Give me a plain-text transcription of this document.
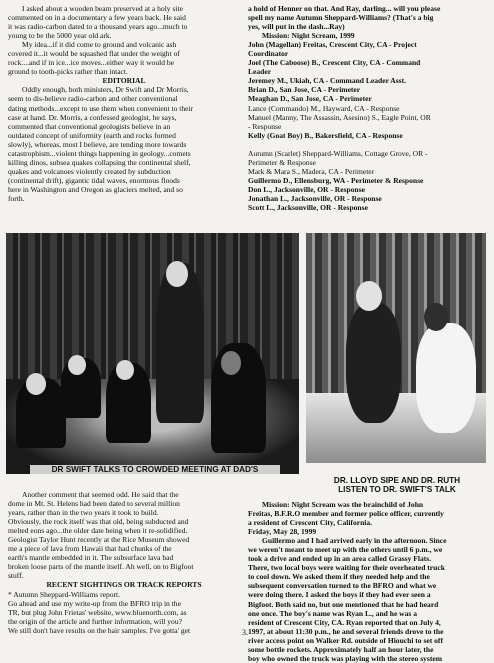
I asked about a wooden beam preserved at a holy site

commented on in a documentary a few years back. He said

it was radio-carbon dated to a thousand years ago...much to

young to be the 5000 year old ark.

My idea...if it did come to ground and volcanic ash

covered it...it would be squashed flat under the weight of

rock....and if in ice...ice moves...either way it would be

ground to tooth-picks rather than intact.

EDITORIAL

Oddly enough, both ministers, Dr Swift and Dr Morris,

seem to dis-believe radio-carbon and other conventional

dating methods...except to use them when convenient to their

case at hand. Dr. Morris, a confessed geologist, he says,

commented that conventional geologists believe in an

outdated concept of uniformity (earth and rocks formed

slowly), whereas, most I believe, are tending more towards

catastrophism...violent things happening in geology...comets

killing dinos, subsea quakes collapsing the continental shelf,

quakes and volcanoes violently created by subduction

(continental drift), gigantic tidal waves, enormous floods

here in Washington and Oregon as glaciers melted, and so

forth.

a hold of Henner on that. And Ray, darling... will you please

spell my name Autumn Sheppard-Williams? (That's a big

yes, will put in the dash...Ray)

Mission: Night Scream, 1999

John (Magellan) Freitas, Crescent City, CA - Project

Coordinator

Joel (The Caboose) B., Crescent City, CA - Command

Leader

Jeremey M., Ukiah, CA - Command Leader Asst.

Brian D., San Jose, CA - Perimeter

Meaghan D., San Jose, CA - Perimeter

Lance (Commando) M., Hayward, CA - Response

Manuel (Manny, The Assassin, Asesino) S., Eagle Point, OR

- Response

Kelly (Goat Boy) B., Bakersfield, CA - Response

Autumn (Scarlet) Sheppard-Williams, Cottage Grove, OR -

Perimeter & Response

Mark & Mara S., Madera, CA - Perimeter

Guillermo D., Ellensburg, WA - Perimeter & Response

Don L., Jacksonville, OR - Response

Jonathan L., Jacksonville, OR - Response

Scott L., Jacksonville, OR - Response

DR SWIFT TALKS TO CROWDED MEETING AT DAD'S
DR. LLOYD SIPE AND DR. RUTH
LISTEN TO DR. SWIFT'S TALK

Another comment that seemed odd. He said that the

dome in Mt. St. Helens had been dated to several million

years, rather than in the two years it took to build.

Obviously, the rock itself was that old, being subducted and

melted eons ago...the older date being when it re-solidified.

Geologist Taylor Hunt recently at the Rice Museum showed

me a piece of lava from Hawaii that had chunks of the

earth's mantle embedded in it. The subsurface lava bad

broken loose parts of the mantle itself. Ah well, on to Bigfoot

stuff.

RECENT SIGHTINGS OR TRACK REPORTS

* Autumn Sheppard-Williams report.

Go ahead and use my write-up from the BFRO trip in the

TR, but plug John Frietas' website, www.bluenorth.com, as

the origin of the article and further information, will you?

We still don't have results on the hair samples. I've gotta' get

Mission: Night Scream was the brainchild of John

Freitas, B.F.R.O member and former police officer, currently

a resident of Crescent City, California.

Friday, May 28, 1999

Guillermo and I had arrived early in the afternoon. Since

we weren't meant to meet up with the others until 6 p.m., we

took a drive and ended up in an area called Grassy Flats.

There, two local boys were waiting for their overheated truck

to cool down. We asked them if they needed help and the

subsequent conversation turned to the BFRO and what we

were doing there. I asked the boys if they had ever seen a

Bigfoot. Both said no, but one mentioned that he had heard

one once. The boy's name was Ryan L., and he was a

resident of Crescent City, CA. Ryan reported that on July 4,

1997, at about 11:30 p.m., he and several friends drove to the

river access point on Walker Rd. outside of Hiouchi to set off

some bottle rockets. Approximately half an hour later, the

boy who owned the truck was playing with the stereo system

3.
